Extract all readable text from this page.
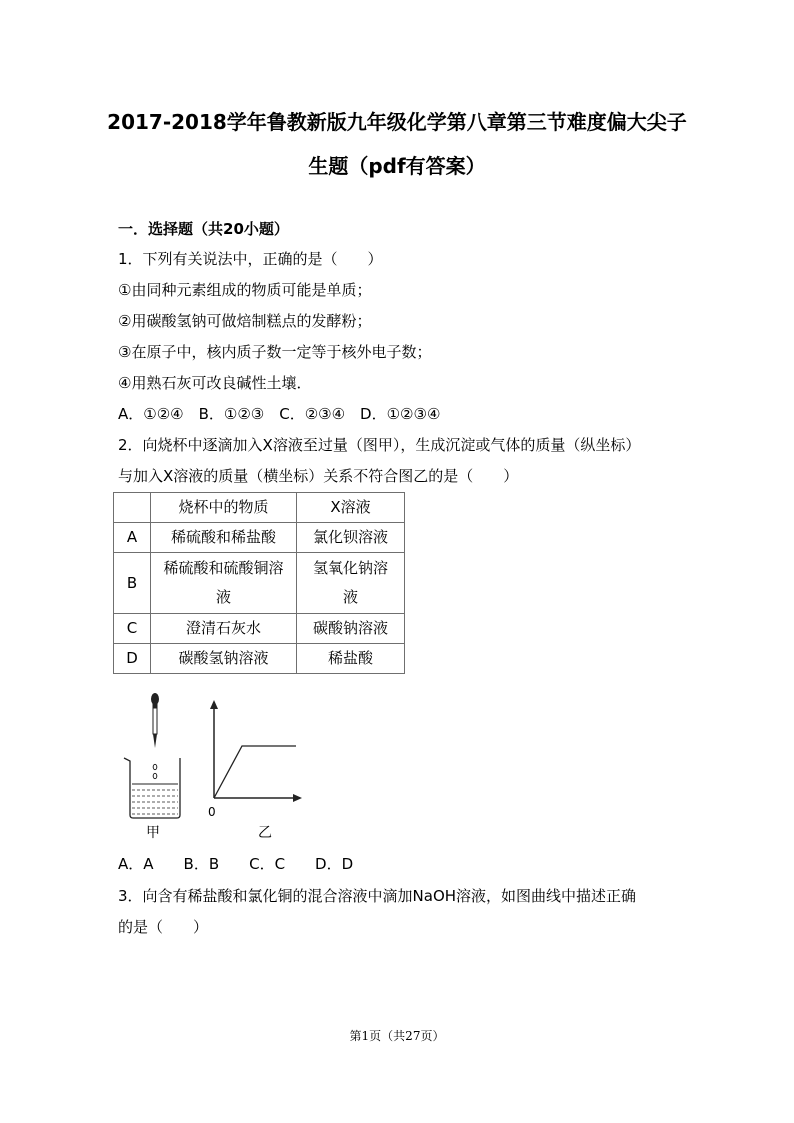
2017-2018学年鲁教新版九年级化学第八章第三节难度偏大尖子
生题（pdf有答案）
一．选择题（共20小题）
1．下列有关说法中，正确的是（　　）
①由同种元素组成的物质可能是单质；
②用碳酸氢钠可做焙制糕点的发酵粉；
③在原子中，核内质子数一定等于核外电子数；
④用熟石灰可改良碱性土壤．
A．①②④　B．①②③　C．②③④　D．①②③④
2．向烧杯中逐滴加入X溶液至过量（图甲），生成沉淀或气体的质量（纵坐标）
与加入X溶液的质量（横坐标）关系不符合图乙的是（　　）
	烧杯中的物质	X溶液
A	稀硫酸和稀盐酸	氯化钡溶液
B	稀硫酸和硫酸铜溶液	氢氧化钠溶液
C	澄清石灰水	碳酸钠溶液
D	碳酸氢钠溶液	稀盐酸
甲
0
乙
A．A　　B．B　　C．C　　D．D
3．向含有稀盐酸和氯化铜的混合溶液中滴加NaOH溶液，如图曲线中描述正确
的是（　　）
第1页（共27页）
